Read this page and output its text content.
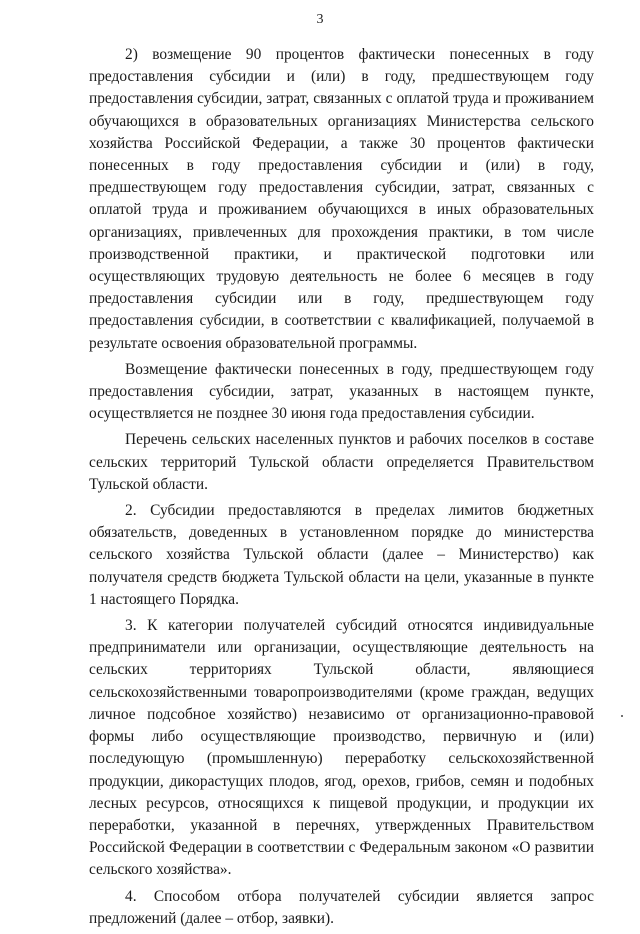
3

2) возмещение 90 процентов фактически понесенных в году предоставления субсидии и (или) в году, предшествующем году предоставления субсидии, затрат, связанных с оплатой труда и проживанием обучающихся в образовательных организациях Министерства сельского хозяйства Российской Федерации, а также 30 процентов фактически понесенных в году предоставления субсидии и (или) в году, предшествующем году предоставления субсидии, затрат, связанных с оплатой труда и проживанием обучающихся в иных образовательных организациях, привлеченных для прохождения практики, в том числе производственной практики, и практической подготовки или осуществляющих трудовую деятельность не более 6 месяцев в году предоставления субсидии или в году, предшествующем году предоставления субсидии, в соответствии с квалификацией, получаемой в результате освоения образовательной программы.

Возмещение фактически понесенных в году, предшествующем году предоставления субсидии, затрат, указанных в настоящем пункте, осуществляется не позднее 30 июня года предоставления субсидии.

Перечень сельских населенных пунктов и рабочих поселков в составе сельских территорий Тульской области определяется Правительством Тульской области.

2. Субсидии предоставляются в пределах лимитов бюджетных обязательств, доведенных в установленном порядке до министерства сельского хозяйства Тульской области (далее – Министерство) как получателя средств бюджета Тульской области на цели, указанные в пункте 1 настоящего Порядка.

3. К категории получателей субсидий относятся индивидуальные предприниматели или организации, осуществляющие деятельность на сельских территориях Тульской области, являющиеся сельскохозяйственными товаропроизводителями (кроме граждан, ведущих личное подсобное хозяйство) независимо от организационно-правовой формы либо осуществляющие производство, первичную и (или) последующую (промышленную) переработку сельскохозяйственной продукции, дикорастущих плодов, ягод, орехов, грибов, семян и подобных лесных ресурсов, относящихся к пищевой продукции, и продукции их переработки, указанной в перечнях, утвержденных Правительством Российской Федерации в соответствии с Федеральным законом «О развитии сельского хозяйства».

4. Способом отбора получателей субсидии является запрос предложений (далее – отбор, заявки).
